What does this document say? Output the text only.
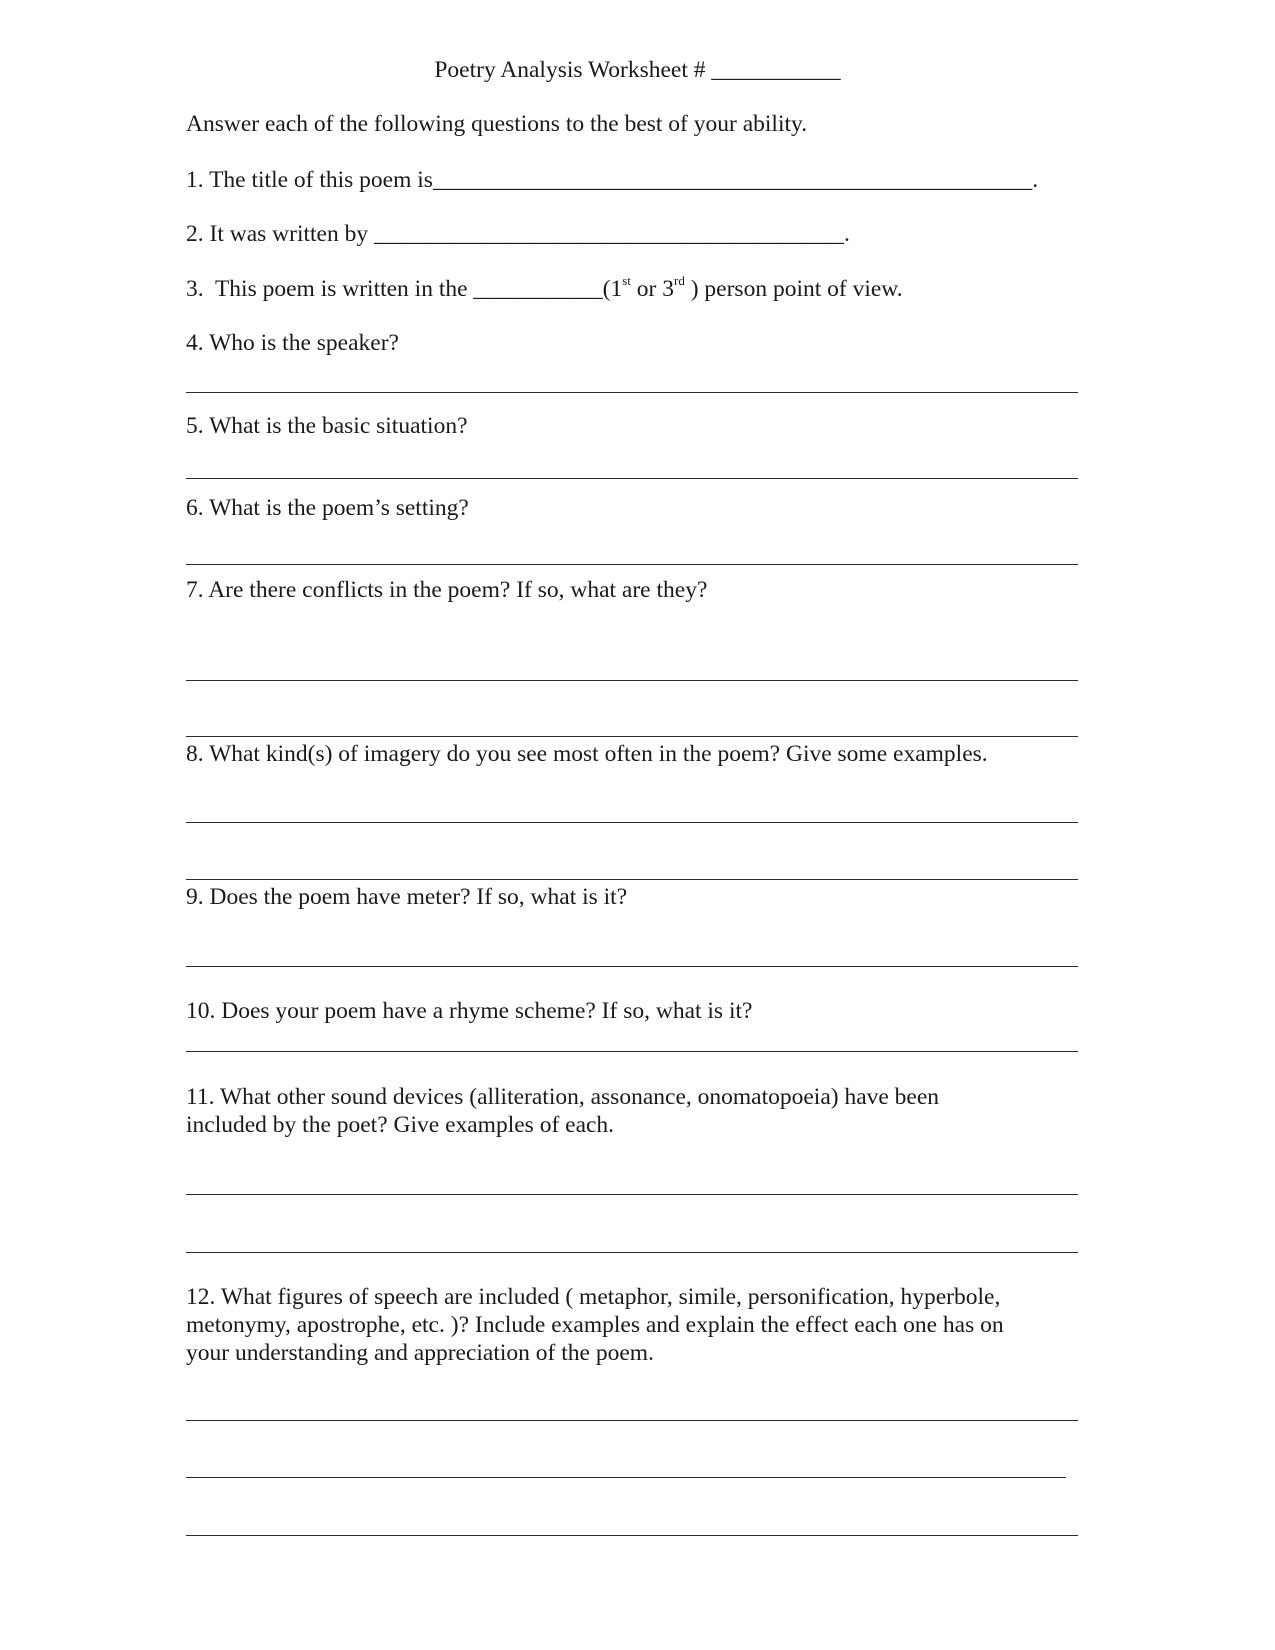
Poetry Analysis Worksheet # ___________

Answer each of the following questions to the best of your ability.

1. The title of this poem is___________________________________________________.

2. It was written by ________________________________________.

3.  This poem is written in the ___________(1st or 3rd ) person point of view.

4. Who is the speaker?

5. What is the basic situation?

6. What is the poem’s setting?

7. Are there conflicts in the poem? If so, what are they?

8. What kind(s) of imagery do you see most often in the poem? Give some examples.

9. Does the poem have meter? If so, what is it?

10. Does your poem have a rhyme scheme? If so, what is it?

11. What other sound devices (alliteration, assonance, onomatopoeia) have been

included by the poet? Give examples of each.

12. What figures of speech are included ( metaphor, simile, personification, hyperbole,

metonymy, apostrophe, etc. )? Include examples and explain the effect each one has on

your understanding and appreciation of the poem.
